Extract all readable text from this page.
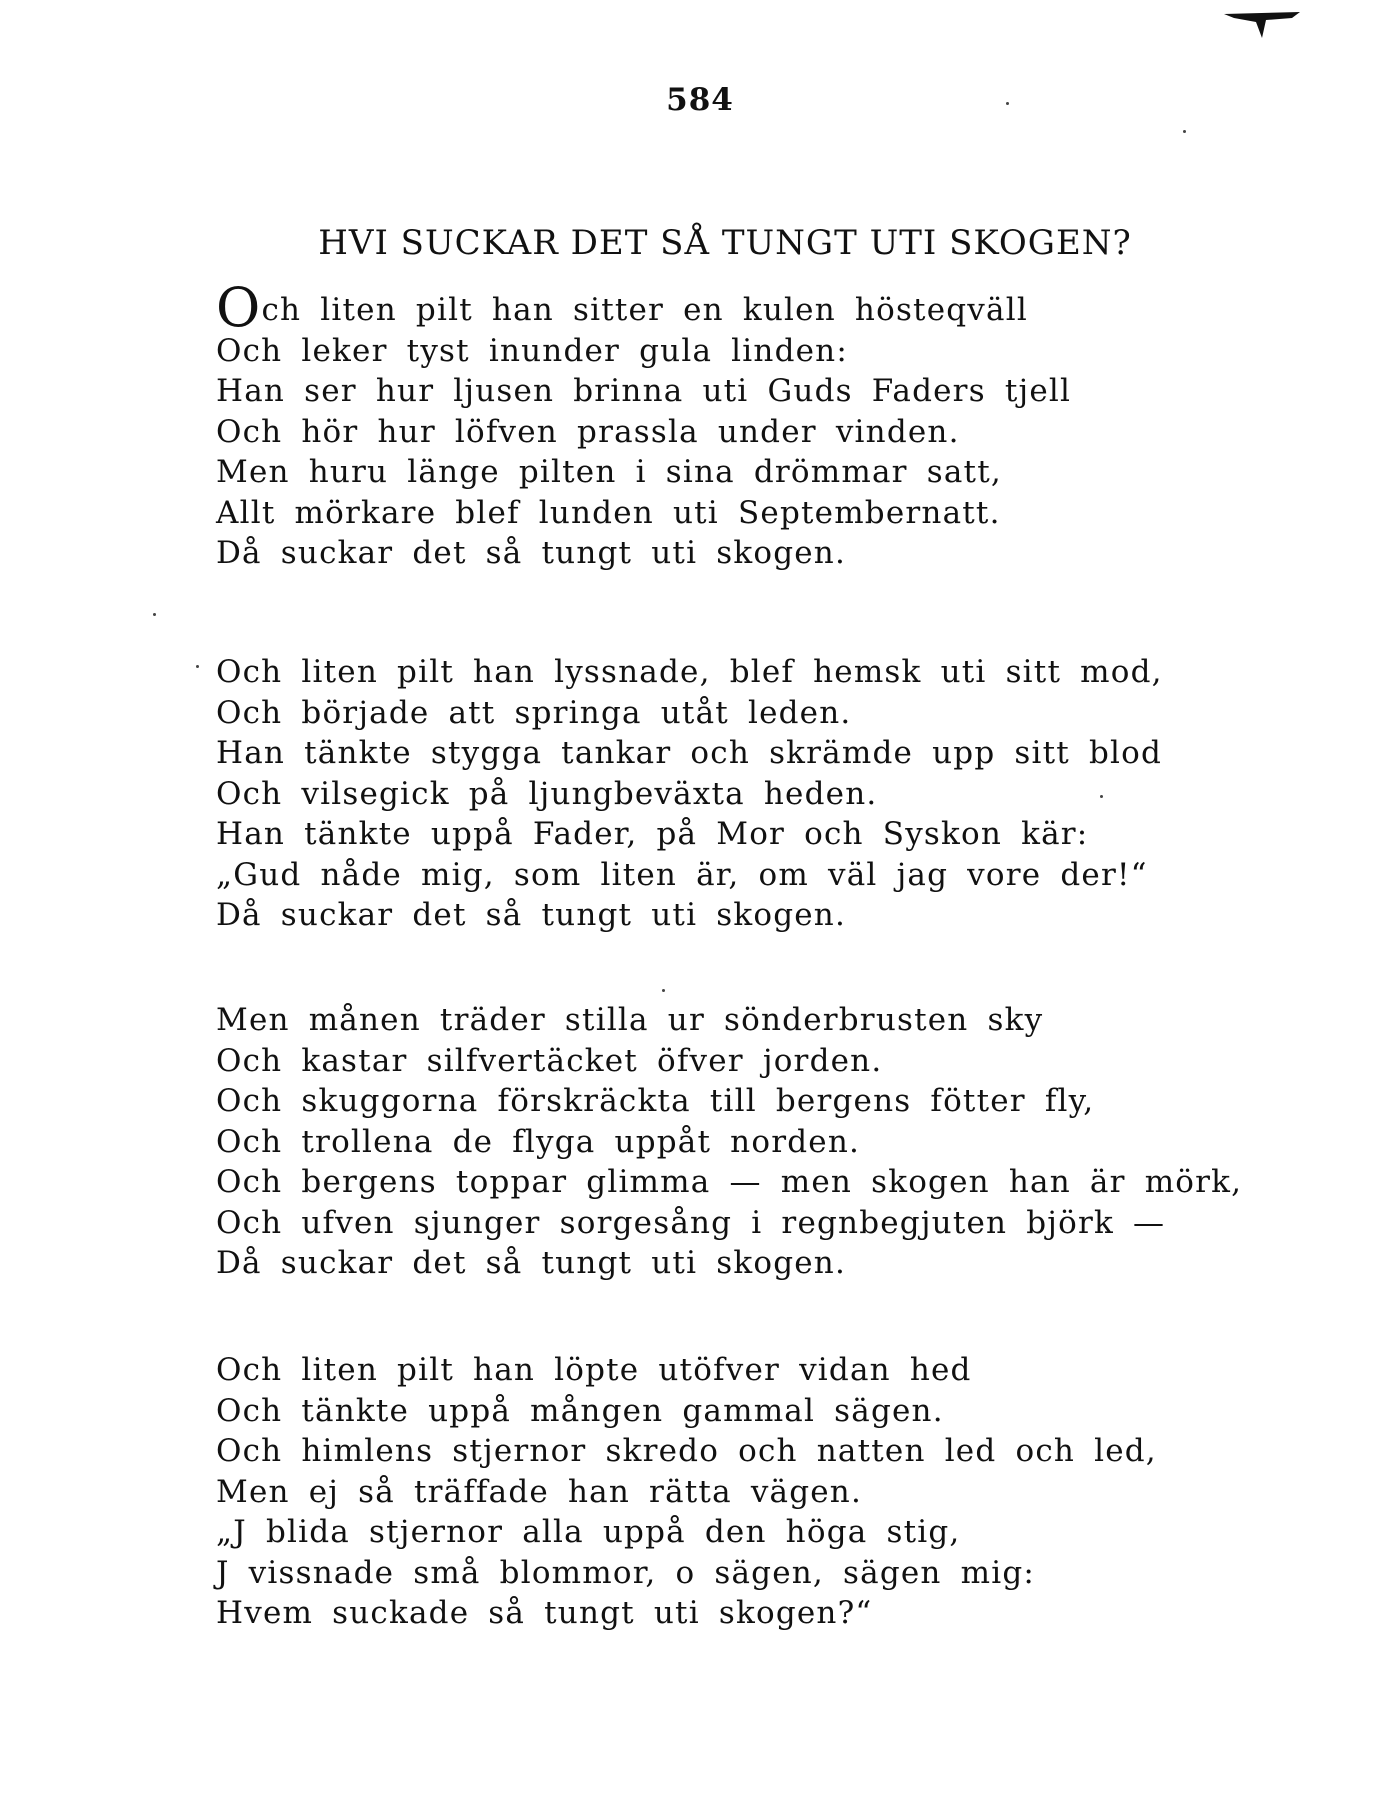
584
HVI SUCKAR DET SÅ TUNGT UTI SKOGEN?
Och liten pilt han sitter en kulen hösteqväll
Och leker tyst inunder gula linden:
Han ser hur ljusen brinna uti Guds Faders tjell
Och hör hur löfven prassla under vinden.
Men huru länge pilten i sina drömmar satt,
Allt mörkare blef lunden uti Septembernatt.
Då suckar det så tungt uti skogen.
Och liten pilt han lyssnade, blef hemsk uti sitt mod,
Och började att springa utåt leden.
Han tänkte stygga tankar och skrämde upp sitt blod
Och vilsegick på ljungbeväxta heden.
Han tänkte uppå Fader, på Mor och Syskon kär:
„Gud nåde mig, som liten är, om väl jag vore der!“
Då suckar det så tungt uti skogen.
Men månen träder stilla ur sönderbrusten sky
Och kastar silfvertäcket öfver jorden.
Och skuggorna förskräckta till bergens fötter fly,
Och trollena de flyga uppåt norden.
Och bergens toppar glimma — men skogen han är mörk,
Och ufven sjunger sorgesång i regnbegjuten björk —
Då suckar det så tungt uti skogen.
Och liten pilt han löpte utöfver vidan hed
Och tänkte uppå mången gammal sägen.
Och himlens stjernor skredo och natten led och led,
Men ej så träffade han rätta vägen.
„J blida stjernor alla uppå den höga stig,
J vissnade små blommor, o sägen, sägen mig:
Hvem suckade så tungt uti skogen?“
